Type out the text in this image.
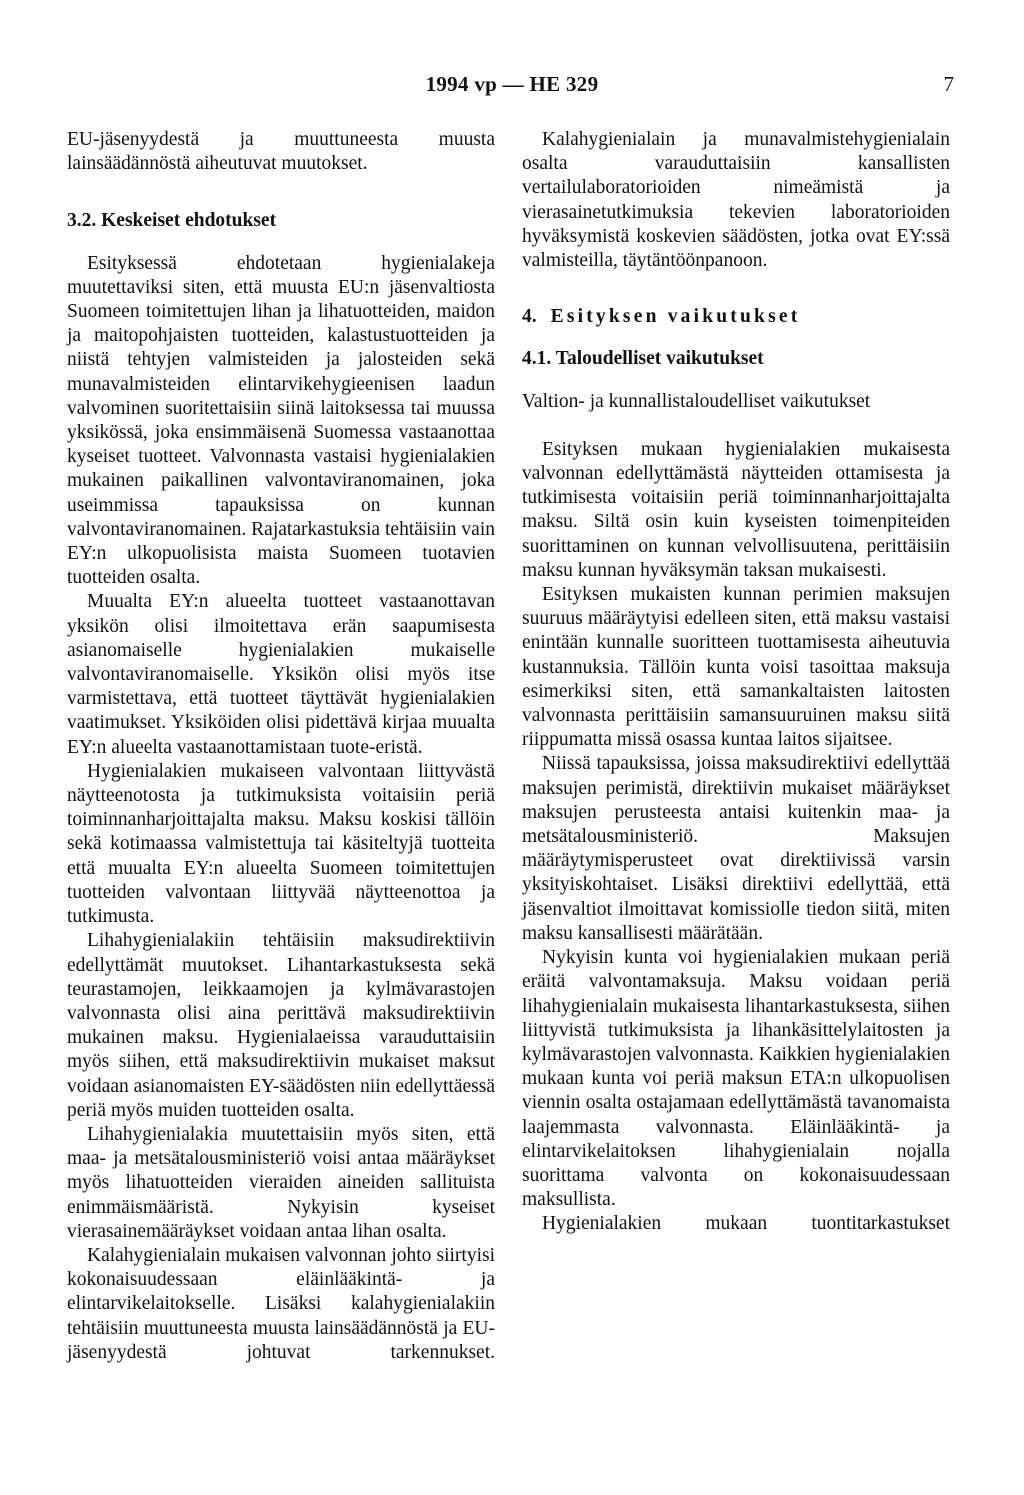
1994 vp — HE 329	7

EU-jäsenyydestä ja muuttuneesta muusta lainsäädännöstä aiheutuvat muutokset.

3.2. Keskeiset ehdotukset

Esityksessä ehdotetaan hygienialakeja muutettaviksi siten, että muusta EU:n jäsenvaltiosta Suomeen toimitettujen lihan ja lihatuotteiden, maidon ja maitopohjaisten tuotteiden, kalastustuotteiden ja niistä tehtyjen valmisteiden ja jalosteiden sekä munavalmisteiden elintarvikehygieenisen laadun valvominen suoritettaisiin siinä laitoksessa tai muussa yksikössä, joka ensimmäisenä Suomessa vastaanottaa kyseiset tuotteet. Valvonnasta vastaisi hygienialakien mukainen paikallinen valvontaviranomainen, joka useimmissa tapauksissa on kunnan valvontaviranomainen. Rajatarkastuksia tehtäisiin vain EY:n ulkopuolisista maista Suomeen tuotavien tuotteiden osalta.

Muualta EY:n alueelta tuotteet vastaanottavan yksikön olisi ilmoitettava erän saapumisesta asianomaiselle hygienialakien mukaiselle valvontaviranomaiselle. Yksikön olisi myös itse varmistettava, että tuotteet täyttävät hygienialakien vaatimukset. Yksiköiden olisi pidettävä kirjaa muualta EY:n alueelta vastaanottamistaan tuote-eristä.

Hygienialakien mukaiseen valvontaan liittyvästä näytteenotosta ja tutkimuksista voitaisiin periä toiminnanharjoittajalta maksu. Maksu koskisi tällöin sekä kotimaassa valmistettuja tai käsiteltyjä tuotteita että muualta EY:n alueelta Suomeen toimitettujen tuotteiden valvontaan liittyvää näytteenottoa ja tutkimusta.

Lihahygienialakiin tehtäisiin maksudirektiivin edellyttämät muutokset. Lihantarkastuksesta sekä teurastamojen, leikkaamojen ja kylmävarastojen valvonnasta olisi aina perittävä maksudirektiivin mukainen maksu. Hygienialaeissa varauduttaisiin myös siihen, että maksudirektiivin mukaiset maksut voidaan asianomaisten EY-säädösten niin edellyttäessä periä myös muiden tuotteiden osalta.

Lihahygienialakia muutettaisiin myös siten, että maa- ja metsätalousministeriö voisi antaa määräykset myös lihatuotteiden vieraiden aineiden sallituista enimmäismääristä. Nykyisin kyseiset vierasainemääräykset voidaan antaa lihan osalta.

Kalahygienialain mukaisen valvonnan johto siirtyisi kokonaisuudessaan eläinlääkintä- ja elintarvikelaitokselle. Lisäksi kalahygienialakiin tehtäisiin muuttuneesta muusta lainsäädännöstä ja EU-jäsenyydestä johtuvat tarkennukset.

Kalahygienialain ja munavalmistehygienialain osalta varauduttaisiin kansallisten vertailulaboratorioiden nimeämistä ja vierasainetutkimuksia tekevien laboratorioiden hyväksymistä koskevien säädösten, jotka ovat EY:ssä valmisteilla, täytäntöönpanoon.

4. Esityksen vaikutukset
4.1. Taloudelliset vaikutukset
Valtion- ja kunnallistaloudelliset vaikutukset

Esityksen mukaan hygienialakien mukaisesta valvonnan edellyttämästä näytteiden ottamisesta ja tutkimisesta voitaisiin periä toiminnanharjoittajalta maksu. Siltä osin kuin kyseisten toimenpiteiden suorittaminen on kunnan velvollisuutena, perittäisiin maksu kunnan hyväksymän taksan mukaisesti.

Esityksen mukaisten kunnan perimien maksujen suuruus määräytyisi edelleen siten, että maksu vastaisi enintään kunnalle suoritteen tuottamisesta aiheutuvia kustannuksia. Tällöin kunta voisi tasoittaa maksuja esimerkiksi siten, että samankaltaisten laitosten valvonnasta perittäisiin samansuuruinen maksu siitä riippumatta missä osassa kuntaa laitos sijaitsee.

Niissä tapauksissa, joissa maksudirektiivi edellyttää maksujen perimistä, direktiivin mukaiset määräykset maksujen perusteesta antaisi kuitenkin maa- ja metsätalousministeriö. Maksujen määräytymisperusteet ovat direktiivissä varsin yksityiskohtaiset. Lisäksi direktiivi edellyttää, että jäsenvaltiot ilmoittavat komissiolle tiedon siitä, miten maksu kansallisesti määrätään.

Nykyisin kunta voi hygienialakien mukaan periä eräitä valvontamaksuja. Maksu voidaan periä lihahygienialain mukaisesta lihantarkastuksesta, siihen liittyvistä tutkimuksista ja lihankäsittelylaitosten ja kylmävarastojen valvonnasta. Kaikkien hygienialakien mukaan kunta voi periä maksun ETA:n ulkopuolisen viennin osalta ostajamaan edellyttämästä tavanomaista laajemmasta valvonnasta. Eläinlääkintä- ja elintarvikelaitoksen lihahygienialain nojalla suorittama valvonta on kokonaisuudessaan maksullista.

Hygienialakien mukaan tuontitarkastukset
